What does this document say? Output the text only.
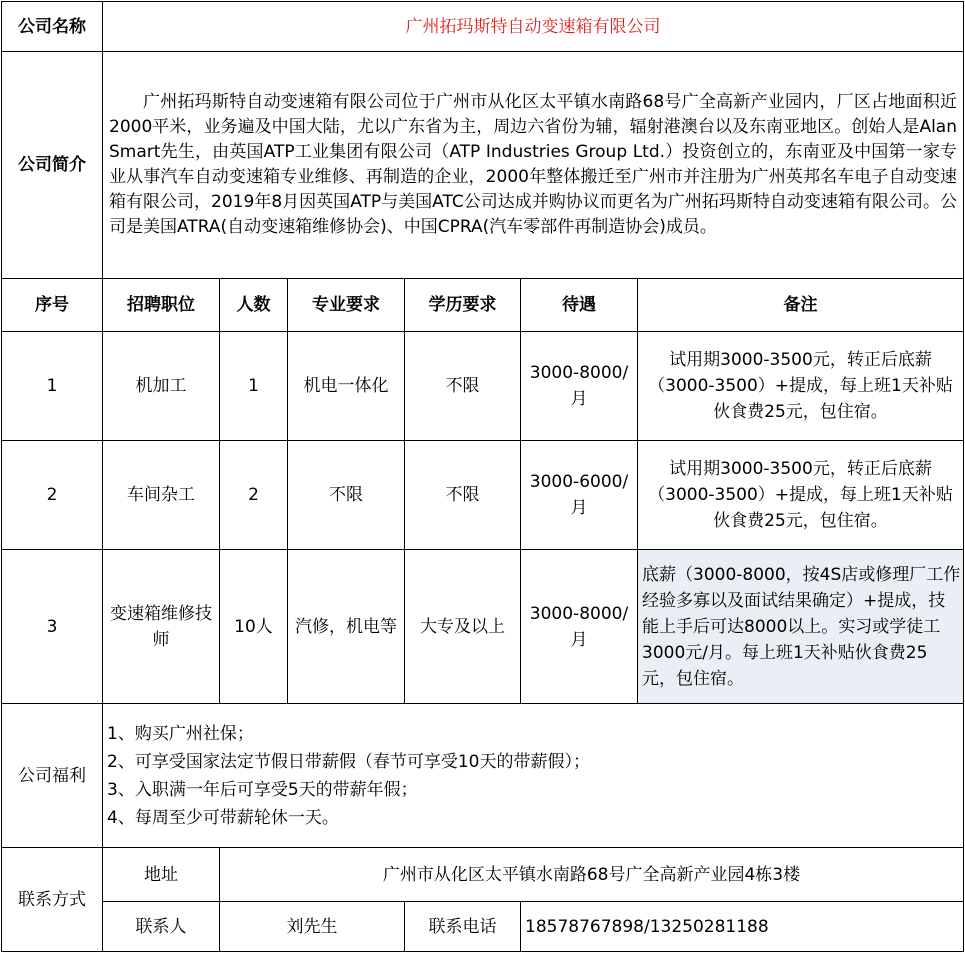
公司名称	广州拓玛斯特自动变速箱有限公司					
公司简介	广州拓玛斯特自动变速箱有限公司位于广州市从化区太平镇水南路68号广全高新产业园内，厂区占地面积近2000平米，业务遍及中国大陆，尤以广东省为主，周边六省份为辅，辐射港澳台以及东南亚地区。创始人是Alan Smart先生，由英国ATP工业集团有限公司（ATP Industries Group Ltd.）投资创立的，东南亚及中国第一家专业从事汽车自动变速箱专业维修、再制造的企业，2000年整体搬迁至广州市并注册为广州英邦名车电子自动变速箱有限公司，2019年8月因英国ATP与美国ATC公司达成并购协议而更名为广州拓玛斯特自动变速箱有限公司。公司是美国ATRA(自动变速箱维修协会)、中国CPRA(汽车零部件再制造协会)成员。					

序号	招聘职位	人数	专业要求	学历要求	待遇	备注
1	机加工	1	机电一体化	不限	3000-8000/月	试用期3000-3500元，转正后底薪（3000-3500）+提成，每上班1天补贴伙食费25元，包住宿。
2	车间杂工	2	不限	不限	3000-6000/月	试用期3000-3500元，转正后底薪（3000-3500）+提成，每上班1天补贴伙食费25元，包住宿。
3	变速箱维修技师	10人	汽修，机电等	大专及以上	3000-8000/月	底薪（3000-8000，按4S店或修理厂工作经验多寡以及面试结果确定）+提成，技能上手后可达8000以上。实习或学徒工3000元/月。每上班1天补贴伙食费25元，包住宿。
公司福利	1、购买广州社保；
2、可享受国家法定节假日带薪假（春节可享受10天的带薪假）；
3、入职满一年后可享受5天的带薪年假；
4、每周至少可带薪轮休一天。					

联系方式	地址	广州市从化区太平镇水南路68号广全高新产业园4栋3楼				
	联系人	刘先生		联系电话	18578767898/13250281188	
